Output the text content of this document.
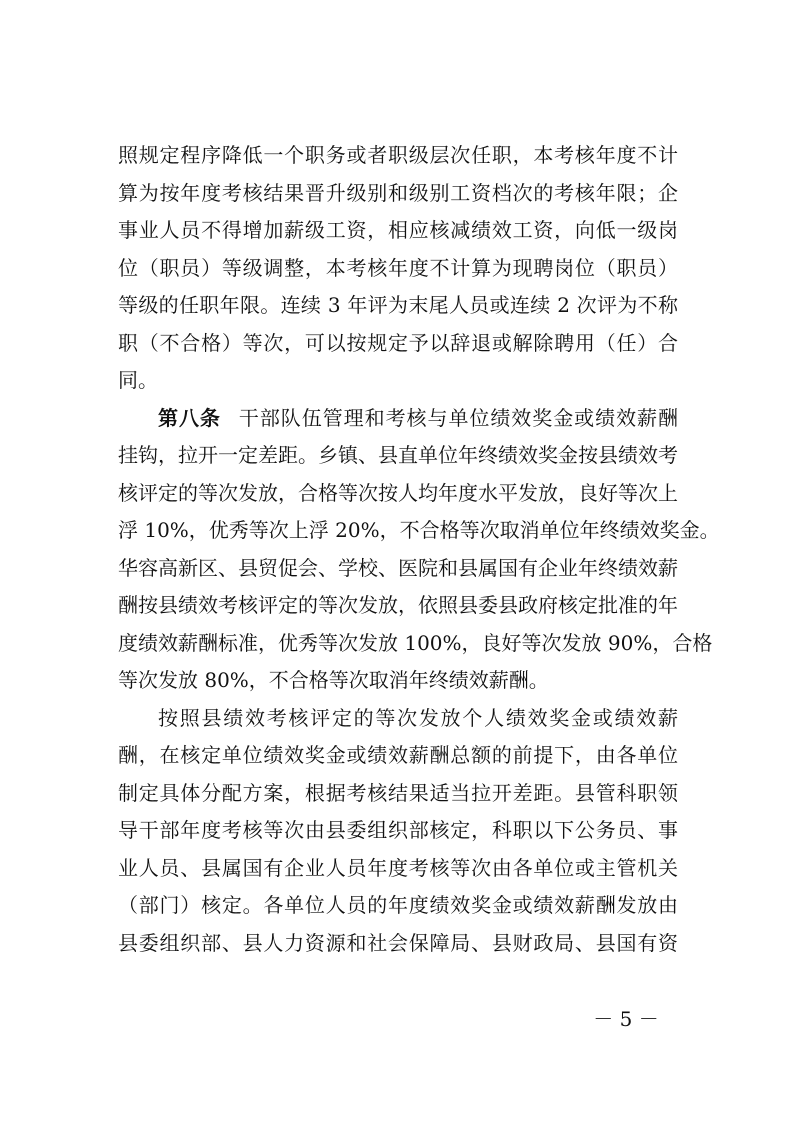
照规定程序降低一个职务或者职级层次任职，本考核年度不计
算为按年度考核结果晋升级别和级别工资档次的考核年限；企
事业人员不得增加薪级工资，相应核减绩效工资，向低一级岗
位（职员）等级调整，本考核年度不计算为现聘岗位（职员）
等级的任职年限。连续 3 年评为末尾人员或连续 2 次评为不称
职（不合格）等次，可以按规定予以辞退或解除聘用（任）合
同。
第八条 干部队伍管理和考核与单位绩效奖金或绩效薪酬
挂钩，拉开一定差距。乡镇、县直单位年终绩效奖金按县绩效考
核评定的等次发放，合格等次按人均年度水平发放，良好等次上
浮 10%，优秀等次上浮 20%，不合格等次取消单位年终绩效奖金。
华容高新区、县贸促会、学校、医院和县属国有企业年终绩效薪
酬按县绩效考核评定的等次发放，依照县委县政府核定批准的年
度绩效薪酬标准，优秀等次发放 100%，良好等次发放 90%，合格
等次发放 80%，不合格等次取消年终绩效薪酬。
按照县绩效考核评定的等次发放个人绩效奖金或绩效薪
酬，在核定单位绩效奖金或绩效薪酬总额的前提下，由各单位
制定具体分配方案，根据考核结果适当拉开差距。县管科职领
导干部年度考核等次由县委组织部核定，科职以下公务员、事
业人员、县属国有企业人员年度考核等次由各单位或主管机关
（部门）核定。各单位人员的年度绩效奖金或绩效薪酬发放由
县委组织部、县人力资源和社会保障局、县财政局、县国有资
－ 5 －
